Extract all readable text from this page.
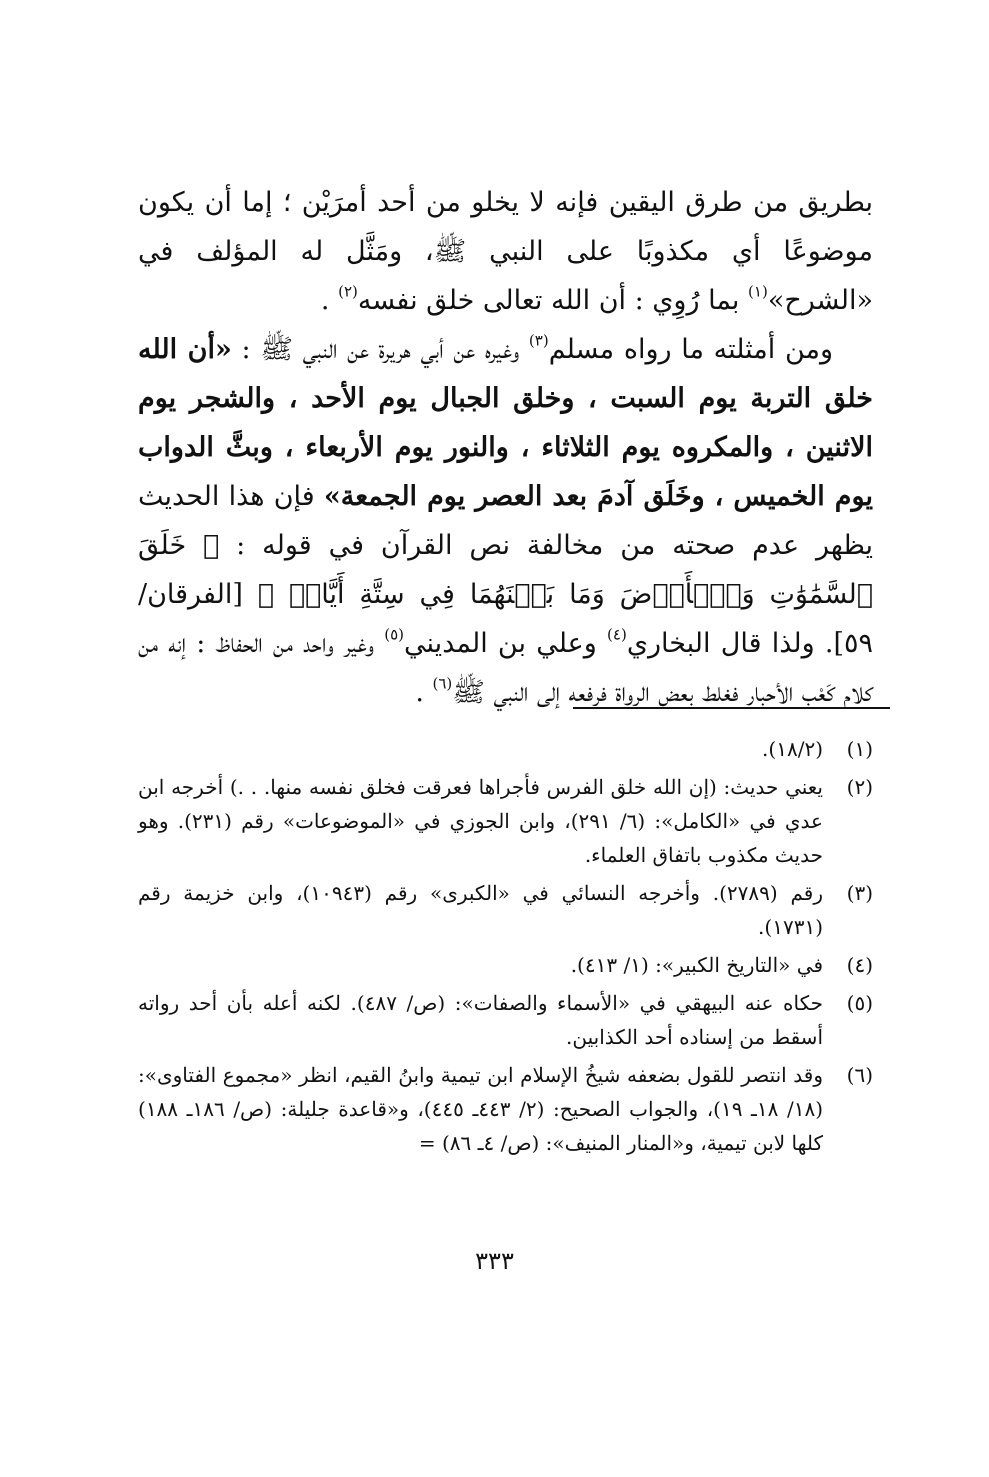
بطريق من طرق اليقين فإنه لا يخلو من أحد أمرَيْن ؛ إما أن يكون موضوعًا أي مكذوبًا على النبي ﷺ، ومَثَّل له المؤلف في «الشرح»$^{(١)}$ بما رُوِي : أن الله تعالى خلق نفسه$^{(٢)}$ .

ومن أمثلته ما رواه مسلم$^{(٣)}$ وغيره عن أبي هريرة عن النبي ﷺ : «أن الله خلق التربة يوم السبت ، وخلق الجبال يوم الأحد ، والشجر يوم الاثنين ، والمكروه يوم الثلاثاء ، والنور يوم الأربعاء ، وبثَّ الدواب يوم الخميس ، وخَلَق آدمَ بعد العصر يوم الجمعة» فإن هذا الحديث يظهر عدم صحته من مخالفة نص القرآن في قوله : ﴿ خَلَقَ ٱلسَّمَٰوَٰتِ وَٱلۡأَرۡضَ وَمَا بَيۡنَهُمَا فِي سِتَّةِ أَيَّامٖ ﴾ [الفرقان/ ٥٩]. ولذا قال البخاري$^{(٤)}$ وعلي بن المديني$^{(٥)}$ وغير واحد من الحفاظ : إنه من كلام كَعْب الأحبار فغلط بعض الرواة فرفعه إلى النبي ﷺ$^{(٦)}$ .

(١)
(١٨/٢).
(٢)
يعني حديث: (إن الله خلق الفرس فأجراها فعرقت فخلق نفسه منها. . .) أخرجه ابن عدي في «الكامل»: (٦/ ٢٩١)، وابن الجوزي في «الموضوعات» رقم (٢٣١). وهو حديث مكذوب باتفاق العلماء.
(٣)
رقم (٢٧٨٩). وأخرجه النسائي في «الكبرى» رقم (١٠٩٤٣)، وابن خزيمة رقم (١٧٣١).
(٤)
في «التاريخ الكبير»: (١/ ٤١٣).
(٥)
حكاه عنه البيهقي في «الأسماء والصفات»: (ص/ ٤٨٧). لكنه أعله بأن أحد رواته أسقط من إسناده أحد الكذابين.
(٦)
وقد انتصر للقول بضعفه شيخُ الإسلام ابن تيمية وابنُ القيم، انظر «مجموع الفتاوى»: (١٨/ ١٨ـ ١٩)، والجواب الصحيح: (٢/ ٤٤٣ـ ٤٤٥)، و«قاعدة جليلة: (ص/ ١٨٦ـ ١٨٨) كلها لابن تيمية، و«المنار المنيف»: (ص/ ٤ـ ٨٦) =
٣٣٣
